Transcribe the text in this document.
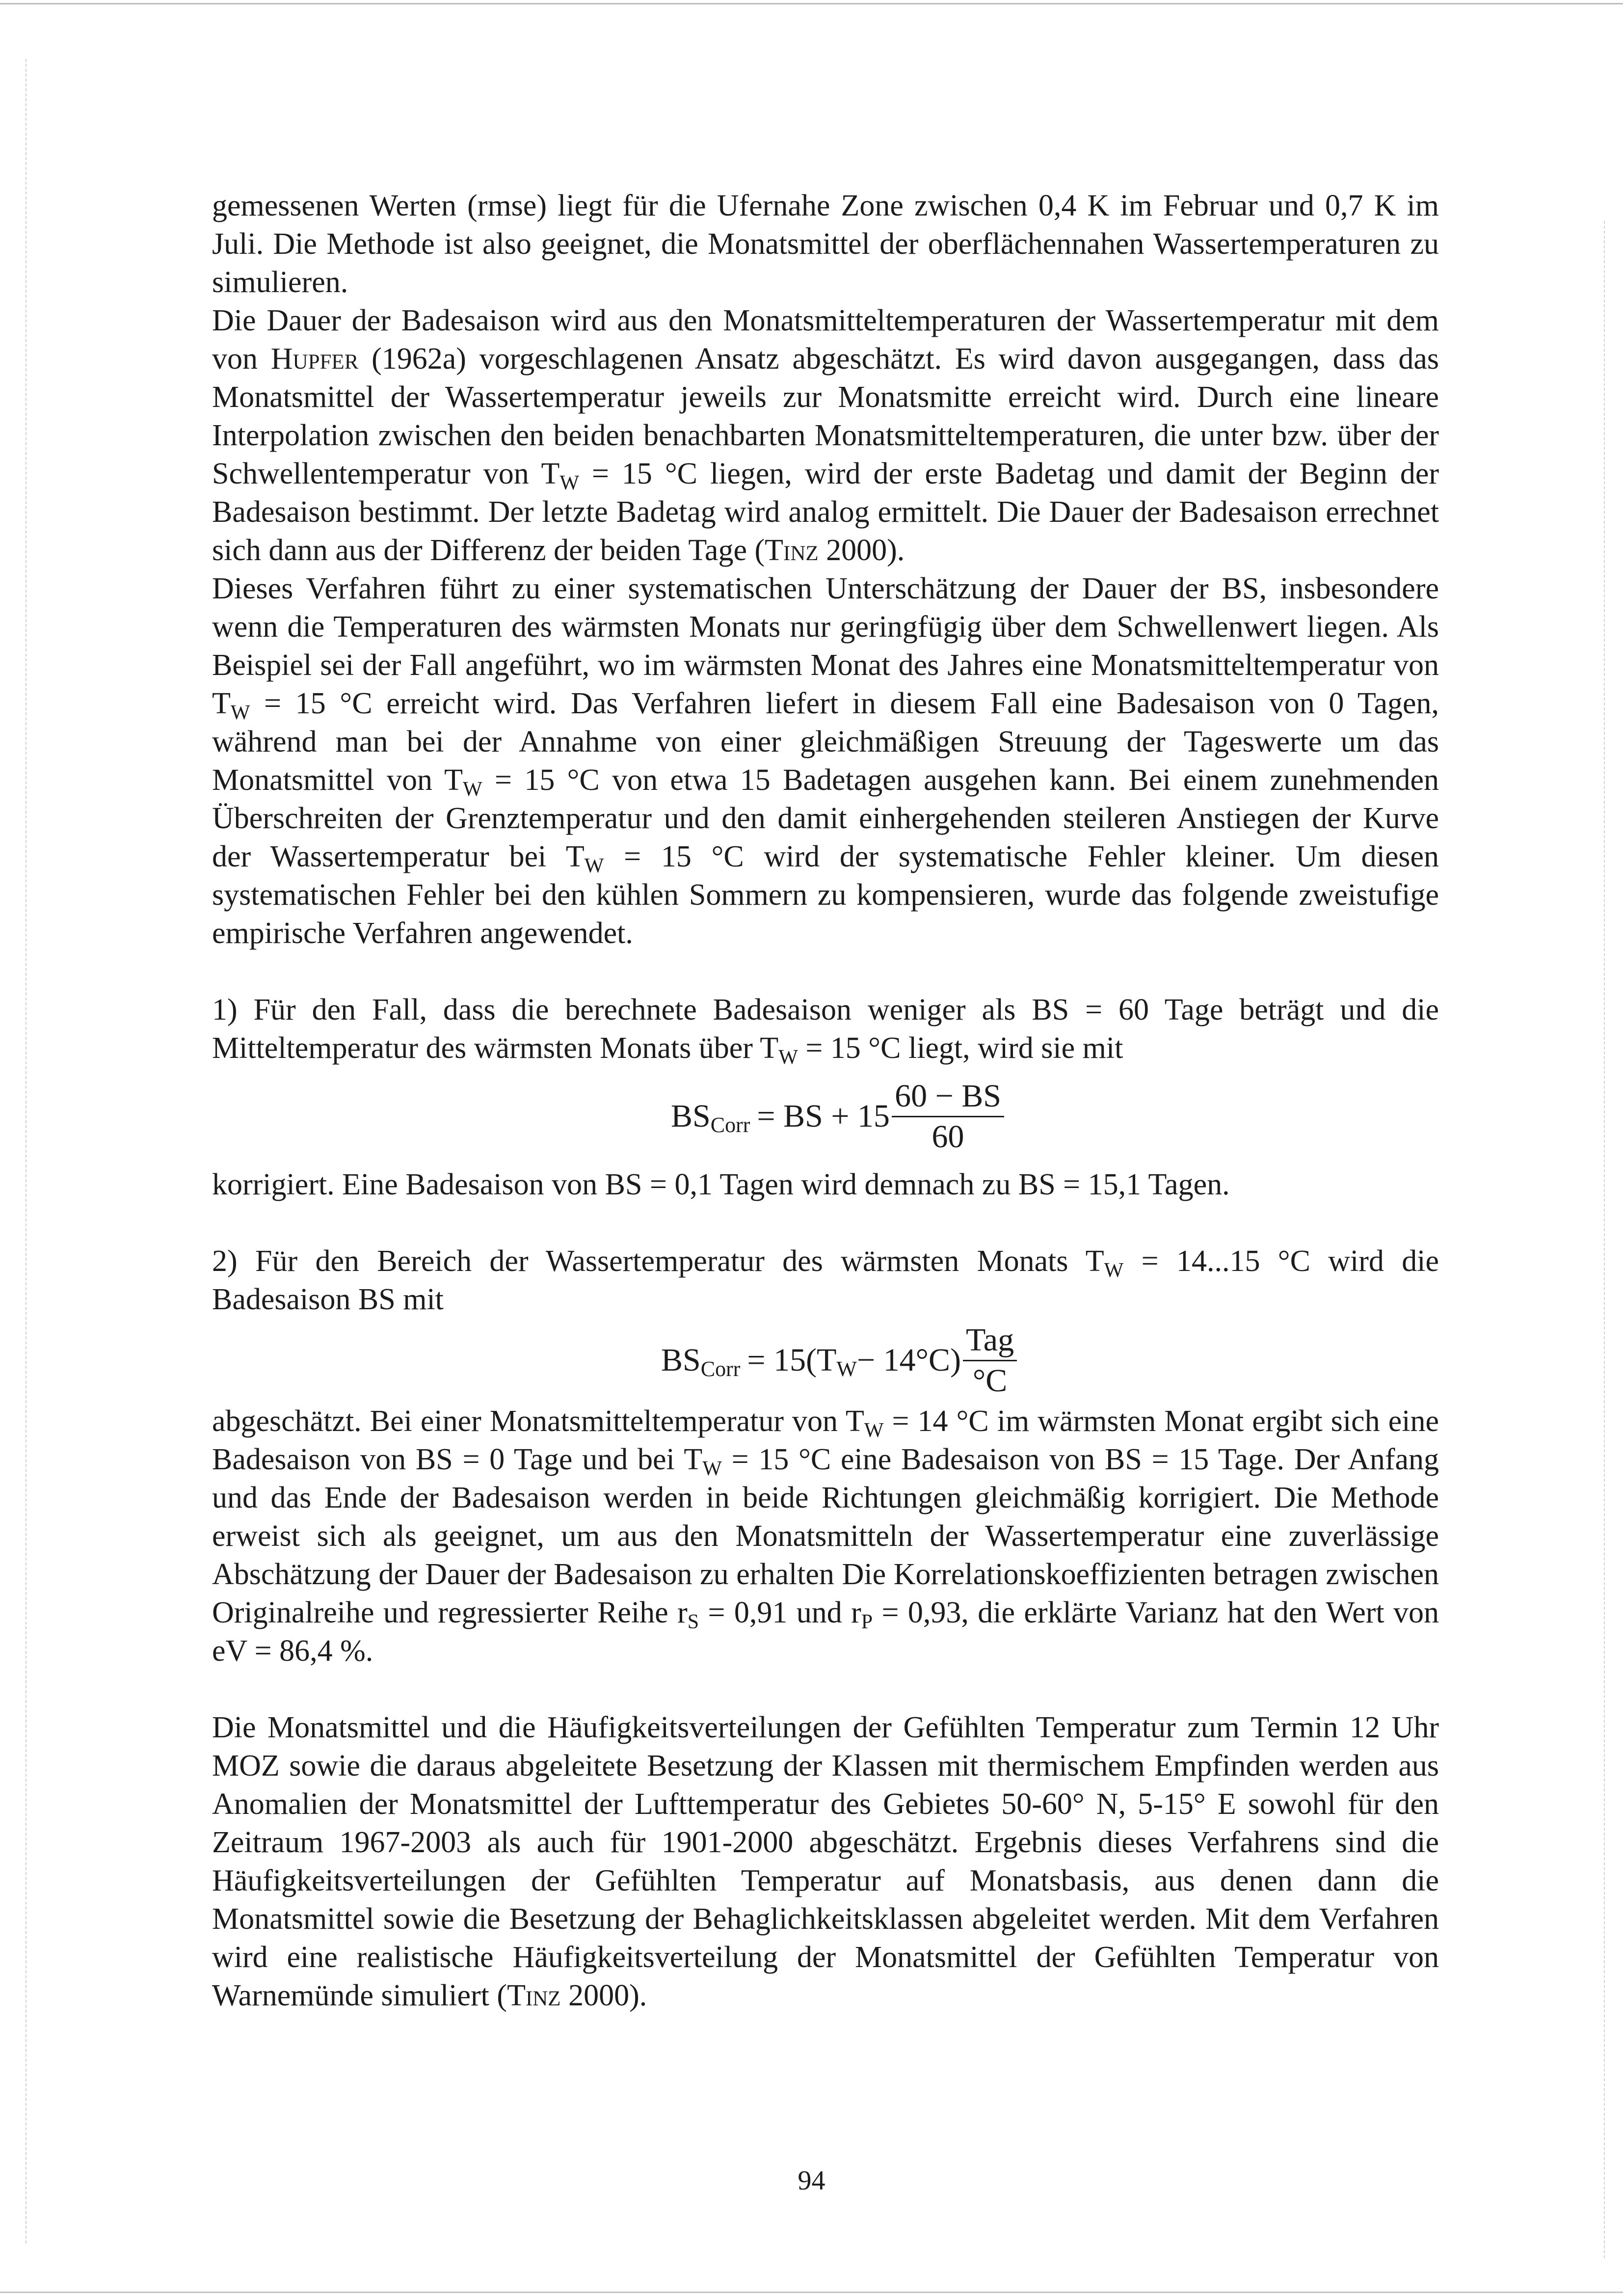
gemessenen Werten (rmse) liegt für die Ufernahe Zone zwischen 0,4 K im Februar und 0,7 K im Juli. Die Methode ist also geeignet, die Monatsmittel der oberflächennahen Wassertemperaturen zu simulieren.

Die Dauer der Badesaison wird aus den Monatsmitteltemperaturen der Wassertemperatur mit dem von Hupfer (1962a) vorgeschlagenen Ansatz abgeschätzt. Es wird davon ausgegangen, dass das Monatsmittel der Wassertemperatur jeweils zur Monatsmitte erreicht wird. Durch eine lineare Interpolation zwischen den beiden benachbarten Monatsmitteltemperaturen, die unter bzw. über der Schwellentemperatur von $T_W = 15$ °C liegen, wird der erste Badetag und damit der Beginn der Badesaison bestimmt. Der letzte Badetag wird analog ermittelt. Die Dauer der Badesaison errechnet sich dann aus der Differenz der beiden Tage (Tinz 2000).

Dieses Verfahren führt zu einer systematischen Unterschätzung der Dauer der BS, insbesondere wenn die Temperaturen des wärmsten Monats nur geringfügig über dem Schwellenwert liegen. Als Beispiel sei der Fall angeführt, wo im wärmsten Monat des Jahres eine Monatsmitteltemperatur von $T_W = 15$ °C erreicht wird. Das Verfahren liefert in diesem Fall eine Badesaison von 0 Tagen, während man bei der Annahme von einer gleichmäßigen Streuung der Tageswerte um das Monatsmittel von $T_W = 15$ °C von etwa 15 Badetagen ausgehen kann. Bei einem zunehmenden Überschreiten der Grenztemperatur und den damit einhergehenden steileren Anstiegen der Kurve der Wassertemperatur bei $T_W = 15$ °C wird der systematische Fehler kleiner. Um diesen systematischen Fehler bei den kühlen Sommern zu kompensieren, wurde das folgende zweistufige empirische Verfahren angewendet.

1) Für den Fall, dass die berechnete Badesaison weniger als BS = 60 Tage beträgt und die Mitteltemperatur des wärmsten Monats über $T_W = 15$ °C liegt, wird sie mit

BS Corr = BS + $15 \frac{60 - BS}{60}$

korrigiert. Eine Badesaison von BS = 0,1 Tagen wird demnach zu BS = 15,1 Tagen.

2) Für den Bereich der Wassertemperatur des wärmsten Monats $T_W = 14...15$ °C wird die Badesaison BS mit

BS Corr = 15(T $W - 14^\circ C) \frac{\text{Tag}}{^\circ C}$

abgeschätzt. Bei einer Monatsmitteltemperatur von $T_W = 14$ °C im wärmsten Monat ergibt sich eine Badesaison von BS = 0 Tage und bei $T_W = 15$ °C eine Badesaison von BS = 15 Tage. Der Anfang und das Ende der Badesaison werden in beide Richtungen gleichmäßig korrigiert. Die Methode erweist sich als geeignet, um aus den Monatsmitteln der Wassertemperatur eine zuverlässige Abschätzung der Dauer der Badesaison zu erhalten Die Korrelationskoeffizienten betragen zwischen Originalreihe und regressierter Reihe $r_S = 0,91$ und $r_P = 0,93$, die erklärte Varianz hat den Wert von eV = 86,4 %.

Die Monatsmittel und die Häufigkeitsverteilungen der Gefühlten Temperatur zum Termin 12 Uhr MOZ sowie die daraus abgeleitete Besetzung der Klassen mit thermischem Empfinden werden aus Anomalien der Monatsmittel der Lufttemperatur des Gebietes 50-60° N, 5-15° E sowohl für den Zeitraum 1967-2003 als auch für 1901-2000 abgeschätzt. Ergebnis dieses Verfahrens sind die Häufigkeitsverteilungen der Gefühlten Temperatur auf Monatsbasis, aus denen dann die Monatsmittel sowie die Besetzung der Behaglichkeitsklassen abgeleitet werden. Mit dem Verfahren wird eine realistische Häufigkeitsverteilung der Monatsmittel der Gefühlten Temperatur von Warnemünde simuliert (Tinz 2000).

94
